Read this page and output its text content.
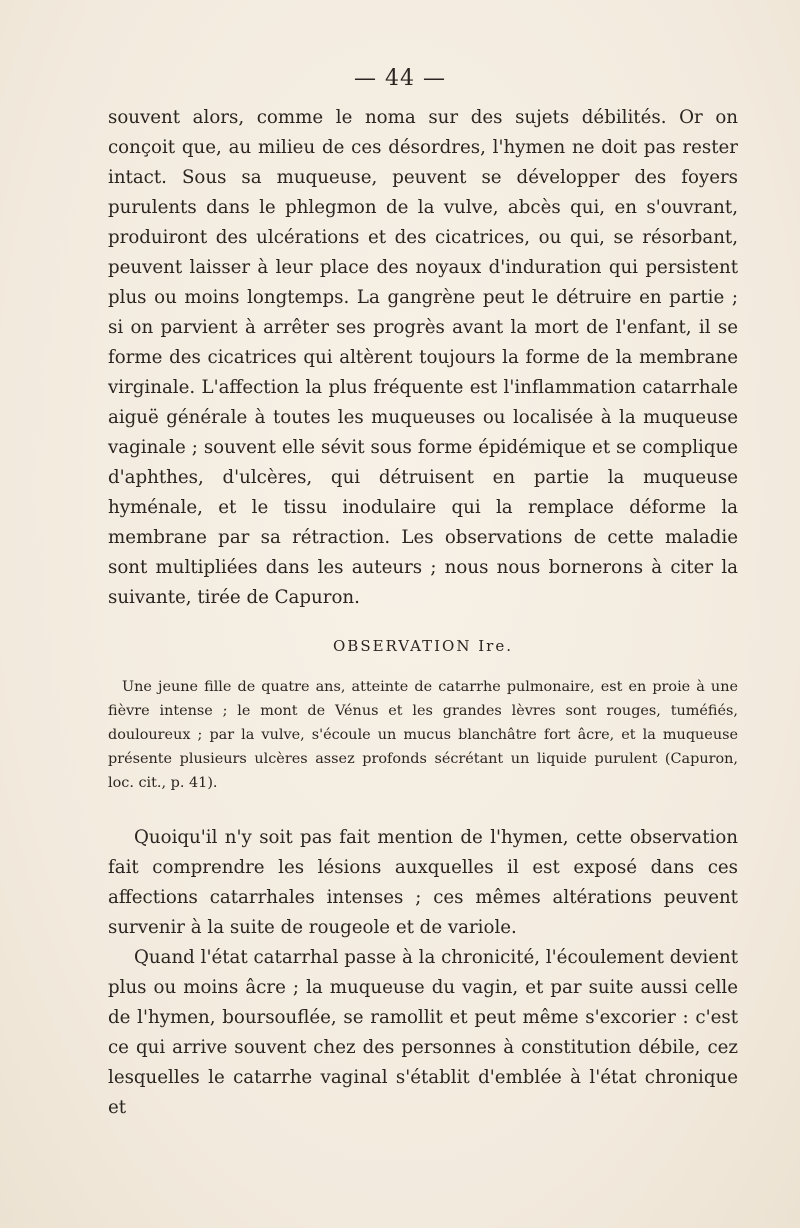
— 44 —

souvent alors, comme le noma sur des sujets débilités. Or on conçoit que, au milieu de ces désordres, l'hymen ne doit pas rester intact. Sous sa muqueuse, peuvent se développer des foyers purulents dans le phlegmon de la vulve, abcès qui, en s'ouvrant, produiront des ulcérations et des cicatrices, ou qui, se résorbant, peuvent laisser à leur place des noyaux d'induration qui persistent plus ou moins longtemps. La gangrène peut le détruire en partie ; si on parvient à arrêter ses progrès avant la mort de l'enfant, il se forme des cicatrices qui altèrent toujours la forme de la membrane virginale. L'affection la plus fréquente est l'inflammation catarrhale aiguë générale à toutes les muqueuses ou localisée à la muqueuse vaginale ; souvent elle sévit sous forme épidémique et se complique d'aphthes, d'ulcères, qui détruisent en partie la muqueuse hyménale, et le tissu inodulaire qui la remplace déforme la membrane par sa rétraction. Les observations de cette maladie sont multipliées dans les auteurs ; nous nous bornerons à citer la suivante, tirée de Capuron.

OBSERVATION Ire.

Une jeune fille de quatre ans, atteinte de catarrhe pulmonaire, est en proie à une fièvre intense ; le mont de Vénus et les grandes lèvres sont rouges, tuméfiés, douloureux ; par la vulve, s'écoule un mucus blanchâtre fort âcre, et la muqueuse présente plusieurs ulcères assez profonds sécrétant un liquide purulent (Capuron, loc. cit., p. 41).

Quoiqu'il n'y soit pas fait mention de l'hymen, cette observation fait comprendre les lésions auxquelles il est exposé dans ces affections catarrhales intenses ; ces mêmes altérations peuvent survenir à la suite de rougeole et de variole.

Quand l'état catarrhal passe à la chronicité, l'écoulement devient plus ou moins âcre ; la muqueuse du vagin, et par suite aussi celle de l'hymen, boursouflée, se ramollit et peut même s'excorier : c'est ce qui arrive souvent chez des personnes à constitution débile, cez lesquelles le catarrhe vaginal s'établit d'emblée à l'état chronique et
